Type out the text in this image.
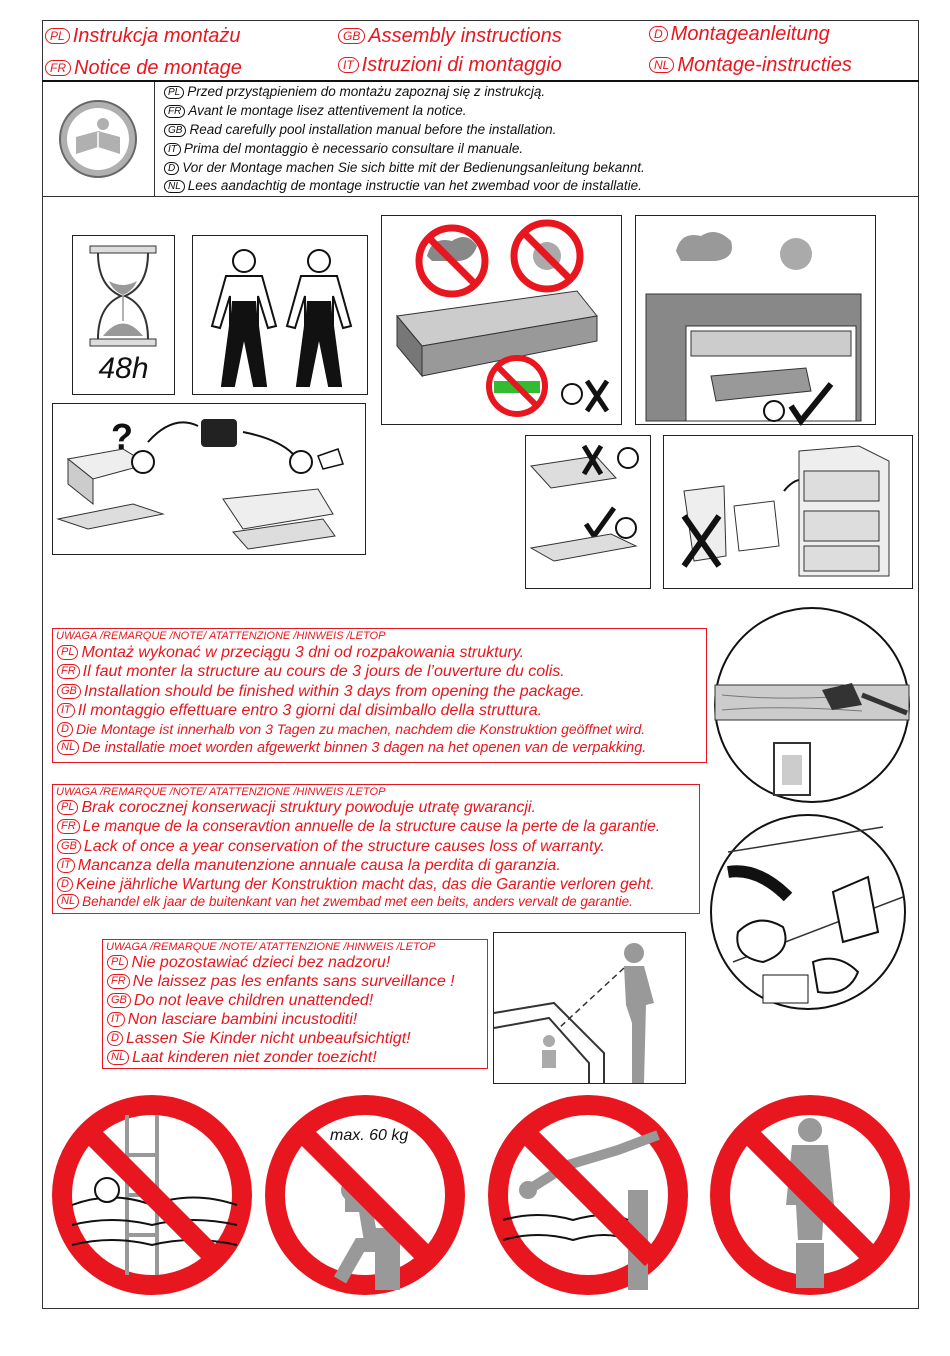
PL Instrukcja montażu	GB Assembly instructions	D Montageanleitung
FR Notice de montage	IT Istruzioni di montaggio	NL Montage-instructies
PL Przed przystąpieniem do montażu zapoznaj się z instrukcją.
FR Avant le montage lisez attentivement la notice.
GB Read carefully pool installation manual before the installation.
IT Prima del montaggio è necessario consultare il manuale.
D Vor der Montage machen Sie sich bitte mit der Bedienungsanleitung bekannt.
NL Lees aandachtig de montage instructie van het zwembad voor de installatie.
48h
?
UWAGA /REMARQUE /NOTE/ ATATTENZIONE /HINWEIS /LETOP
PL Montaż wykonać w przeciągu 3 dni od rozpakowania struktury.
FR Il faut monter la structure au cours de 3 jours de l’ouverture du colis.
GB Installation should be finished within 3 days from opening the package.
IT Il montaggio effettuare entro 3 giorni dal disimballo della struttura.
D Die Montage ist innerhalb von 3 Tagen zu machen, nachdem die Konstruktion geöffnet wird.
NL De installatie moet worden afgewerkt binnen 3 dagen na het openen van de verpakking.
UWAGA /REMARQUE /NOTE/ ATATTENZIONE /HINWEIS /LETOP
PL Brak corocznej konserwacji struktury powoduje utratę gwarancji.
FR Le manque de la conseravtion annuelle de la structure cause la perte de la garantie.
GB Lack of once a year conservation of the structure causes loss of warranty.
IT Mancanza della manutenzione annuale causa la perdita di garanzia.
D Keine jährliche Wartung der Konstruktion macht das, das die Garantie verloren geht.
NL Behandel elk jaar de buitenkant van het zwembad met een beits, anders vervalt de garantie.
UWAGA /REMARQUE /NOTE/ ATATTENZIONE /HINWEIS /LETOP
PL Nie pozostawiać dzieci bez nadzoru!
FR Ne laissez pas les enfants sans surveillance !
GB Do not leave children unattended!
IT Non lasciare bambini incustoditi!
D Lassen Sie Kinder nicht unbeaufsichtigt!
NL Laat kinderen niet zonder toezicht!
max. 60 kg
